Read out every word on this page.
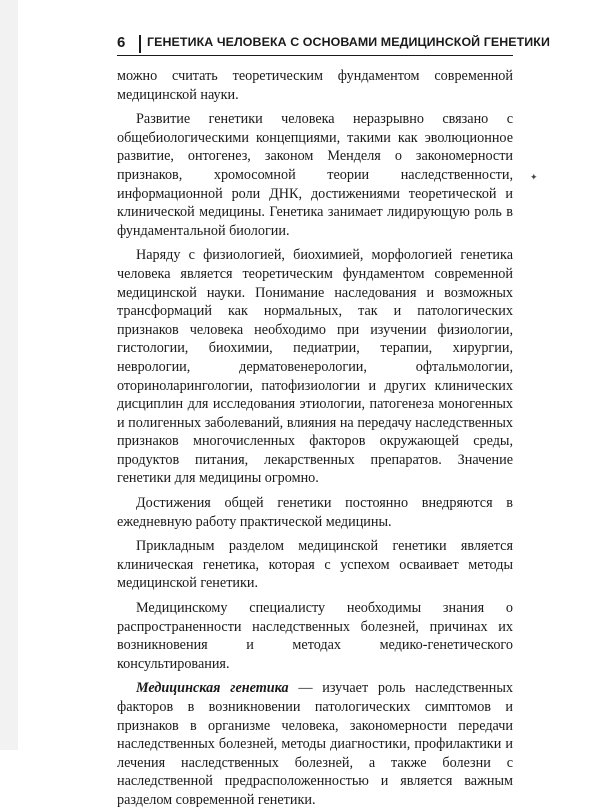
6 ГЕНЕТИКА ЧЕЛОВЕКА С ОСНОВАМИ МЕДИЦИНСКОЙ ГЕНЕТИКИ

можно считать теоретическим фундаментом современной медицинской науки.

Развитие генетики человека неразрывно связано с общебиологическими концепциями, такими как эволюционное развитие, онтогенез, законом Менделя о закономерности признаков, хромосомной теории наследственности, информационной роли ДНК, достижениями теоретической и клинической медицины. Генетика занимает лидирующую роль в фундаментальной биологии.

Наряду с физиологией, биохимией, морфологией генетика человека является теоретическим фундаментом современной медицинской науки. Понимание наследования и возможных трансформаций как нормальных, так и патологических признаков человека необходимо при изучении физиологии, гистологии, биохимии, педиатрии, терапии, хирургии, неврологии, дерматовенерологии, офтальмологии, оториноларингологии, патофизиологии и других клинических дисциплин для исследования этиологии, патогенеза моногенных и полигенных заболеваний, влияния на передачу наследственных признаков многочисленных факторов окружающей среды, продуктов питания, лекарственных препаратов. Значение генетики для медицины огромно.

Достижения общей генетики постоянно внедряются в ежедневную работу практической медицины.

Прикладным разделом медицинской генетики является клиническая генетика, которая с успехом осваивает методы медицинской генетики.

Медицинскому специалисту необходимы знания о распространенности наследственных болезней, причинах их возникновения и методах медико-генетического консультирования.

Медицинская генетика — изучает роль наследственных факторов в возникновении патологических симптомов и признаков в организме человека, закономерности передачи наследственных болезней, методы диагностики, профилактики и лечения наследственных болезней, а также болезни с наследственной предрасположенностью и является важным разделом современной генетики.

✦
